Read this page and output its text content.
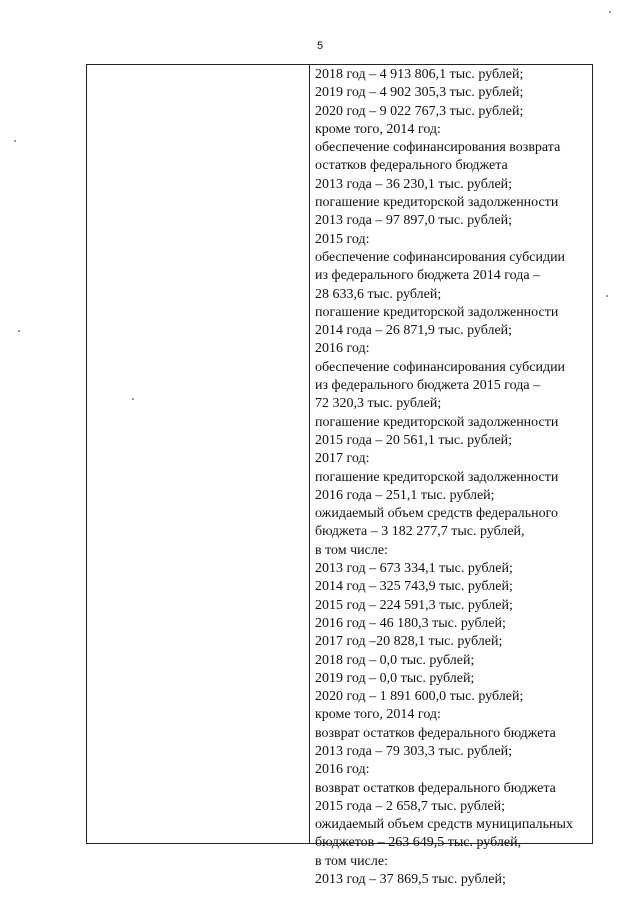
5
2018 год – 4 913 806,1 тыс. рублей;
2019 год – 4 902 305,3 тыс. рублей;
2020 год – 9 022 767,3 тыс. рублей;
кроме того, 2014 год:
обеспечение софинансирования возврата
остатков федерального бюджета
2013 года – 36 230,1 тыс. рублей;
погашение кредиторской задолженности
2013 года – 97 897,0 тыс. рублей;
2015 год:
обеспечение софинансирования субсидии
из федерального бюджета 2014 года –
28 633,6 тыс. рублей;
погашение кредиторской задолженности
2014 года – 26 871,9 тыс. рублей;
2016 год:
обеспечение софинансирования субсидии
из федерального бюджета 2015 года –
72 320,3 тыс. рублей;
погашение кредиторской задолженности
2015 года – 20 561,1 тыс. рублей;
2017 год:
погашение кредиторской задолженности
2016 года – 251,1 тыс. рублей;
ожидаемый объем средств федерального
бюджета – 3 182 277,7 тыс. рублей,
в том числе:
2013 год – 673 334,1 тыс. рублей;
2014 год – 325 743,9 тыс. рублей;
2015 год – 224 591,3 тыс. рублей;
2016 год – 46 180,3 тыс. рублей;
2017 год –20 828,1 тыс. рублей;
2018 год – 0,0 тыс. рублей;
2019 год – 0,0 тыс. рублей;
2020 год – 1 891 600,0 тыс. рублей;
кроме того, 2014 год:
возврат остатков федерального бюджета
2013 года – 79 303,3 тыс. рублей;
2016 год:
возврат остатков федерального бюджета
2015 года – 2 658,7 тыс. рублей;
ожидаемый объем средств муниципальных
бюджетов – 263 649,5 тыс. рублей,
в том числе:
2013 год – 37 869,5 тыс. рублей;
